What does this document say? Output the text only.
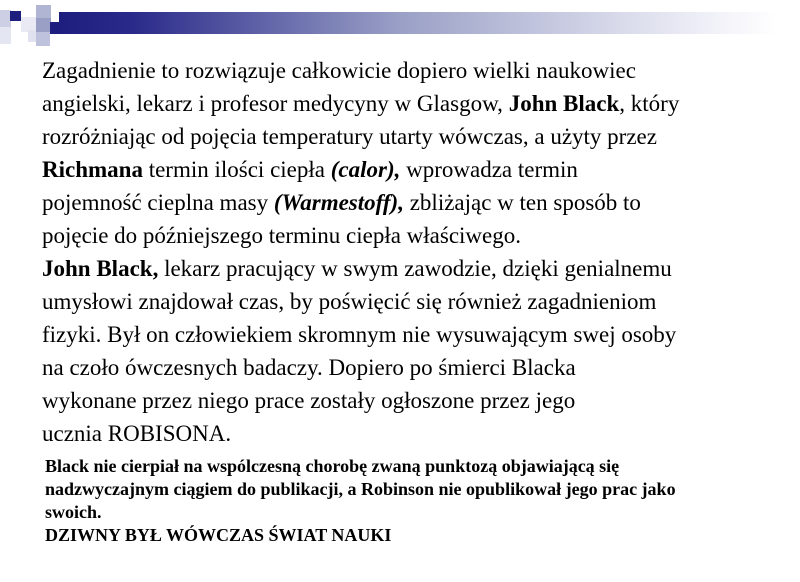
Zagadnienie to rozwiązuje całkowicie dopiero wielki naukowiec
angielski, lekarz i profesor medycyny w Glasgow, John Black, który
rozróżniając od pojęcia temperatury utarty wówczas, a użyty przez
Richmana termin ilości ciepła (calor), wprowadza termin
pojemność cieplna masy (Warmestoff), zbliżając w ten sposób to
pojęcie do późniejszego terminu ciepła właściwego.
John Black, lekarz pracujący w swym zawodzie, dzięki genialnemu
umysłowi znajdował czas, by poświęcić się również zagadnieniom
fizyki. Był on człowiekiem skromnym nie wysuwającym swej osoby
na czoło ówczesnych badaczy. Dopiero po śmierci Blacka
wykonane przez niego prace zostały ogłoszone przez jego
ucznia ROBISONA.
Black nie cierpiał na wspólczesną chorobę zwaną punktozą objawiającą się
nadzwyczajnym ciągiem do publikacji, a Robinson nie opublikował jego prac jako
swoich.
DZIWNY BYŁ WÓWCZAS ŚWIAT NAUKI
